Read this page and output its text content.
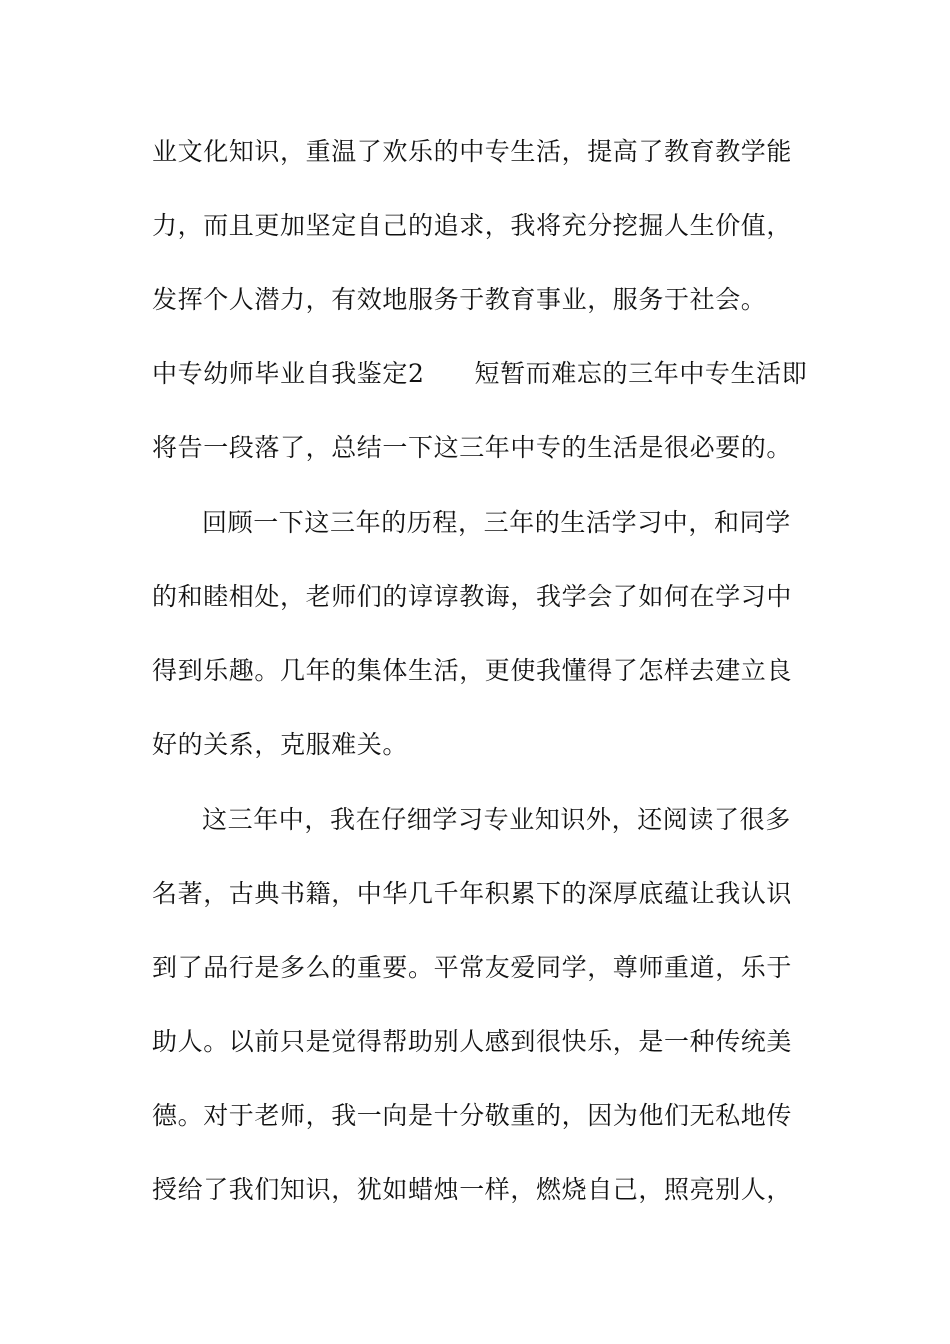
业文化知识，重温了欢乐的中专生活，提高了教育教学能
力，而且更加坚定自己的追求，我将充分挖掘人生价值，
发挥个人潜力，有效地服务于教育事业，服务于社会。
中专幼师毕业自我鉴定2 短暂而难忘的三年中专生活即
将告一段落了，总结一下这三年中专的生活是很必要的。
回顾一下这三年的历程，三年的生活学习中，和同学
的和睦相处，老师们的谆谆教诲，我学会了如何在学习中
得到乐趣。几年的集体生活，更使我懂得了怎样去建立良
好的关系，克服难关。
这三年中，我在仔细学习专业知识外，还阅读了很多
名著，古典书籍，中华几千年积累下的深厚底蕴让我认识
到了品行是多么的重要。平常友爱同学，尊师重道，乐于
助人。以前只是觉得帮助别人感到很快乐，是一种传统美
德。对于老师，我一向是十分敬重的，因为他们无私地传
授给了我们知识，犹如蜡烛一样，燃烧自己，照亮别人，
